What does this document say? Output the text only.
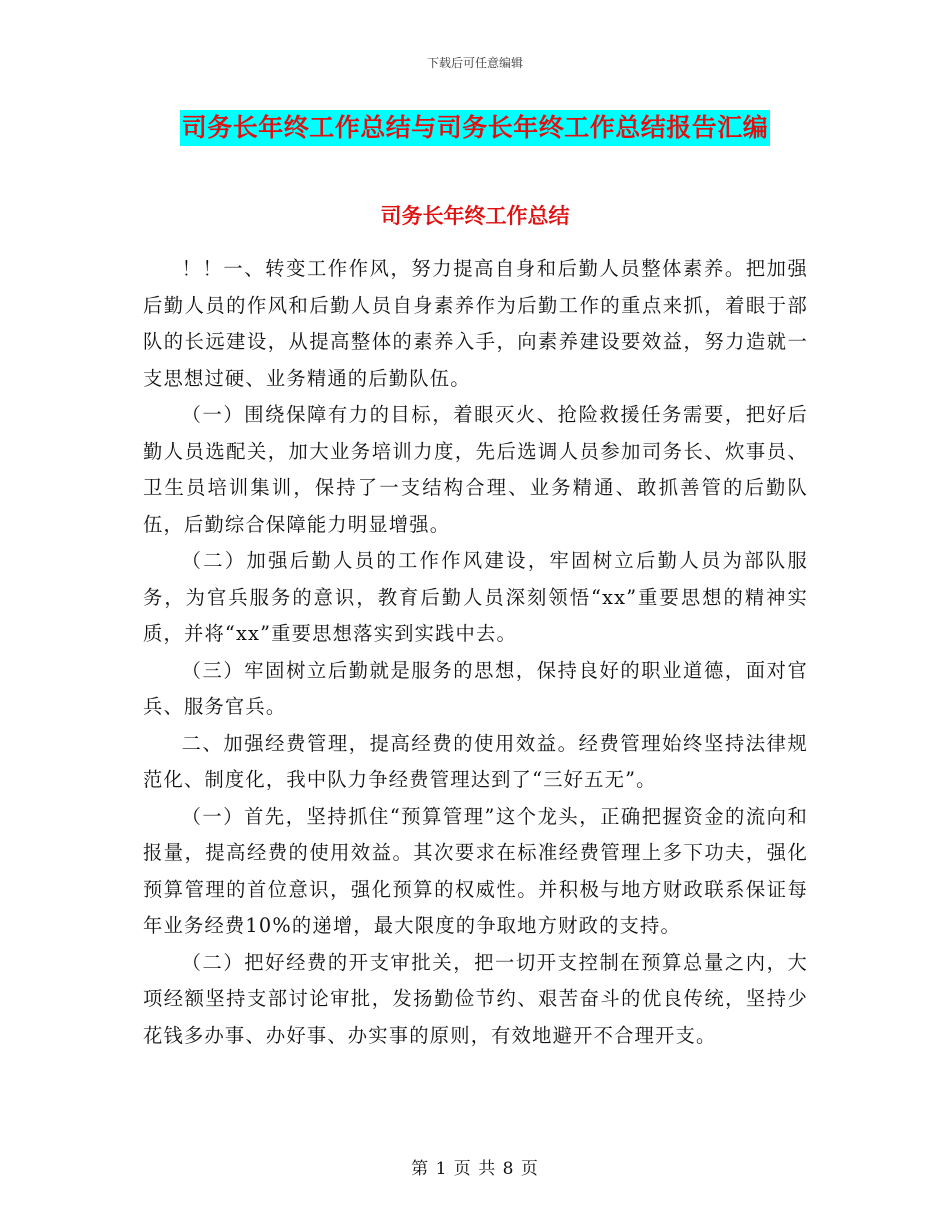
下载后可任意编辑
司务长年终工作总结与司务长年终工作总结报告汇编
司务长年终工作总结

！！一、转变工作作风，努力提高自身和后勤人员整体素养。把加强后勤人员的作风和后勤人员自身素养作为后勤工作的重点来抓，着眼于部队的长远建设，从提高整体的素养入手，向素养建设要效益，努力造就一支思想过硬、业务精通的后勤队伍。

（一）围绕保障有力的目标，着眼灭火、抢险救援任务需要，把好后勤人员选配关，加大业务培训力度，先后选调人员参加司务长、炊事员、卫生员培训集训，保持了一支结构合理、业务精通、敢抓善管的后勤队伍，后勤综合保障能力明显增强。

（二）加强后勤人员的工作作风建设，牢固树立后勤人员为部队服务，为官兵服务的意识，教育后勤人员深刻领悟“xx”重要思想的精神实质，并将“xx”重要思想落实到实践中去。

（三）牢固树立后勤就是服务的思想，保持良好的职业道德，面对官兵、服务官兵。

二、加强经费管理，提高经费的使用效益。经费管理始终坚持法律规范化、制度化，我中队力争经费管理达到了“三好五无”。

（一）首先，坚持抓住“预算管理”这个龙头，正确把握资金的流向和报量，提高经费的使用效益。其次要求在标准经费管理上多下功夫，强化预算管理的首位意识，强化预算的权威性。并积极与地方财政联系保证每年业务经费10%的递增，最大限度的争取地方财政的支持。

（二）把好经费的开支审批关，把一切开支控制在预算总量之内，大项经额坚持支部讨论审批，发扬勤俭节约、艰苦奋斗的优良传统，坚持少花钱多办事、办好事、办实事的原则，有效地避开不合理开支。

第 1 页 共 8 页
